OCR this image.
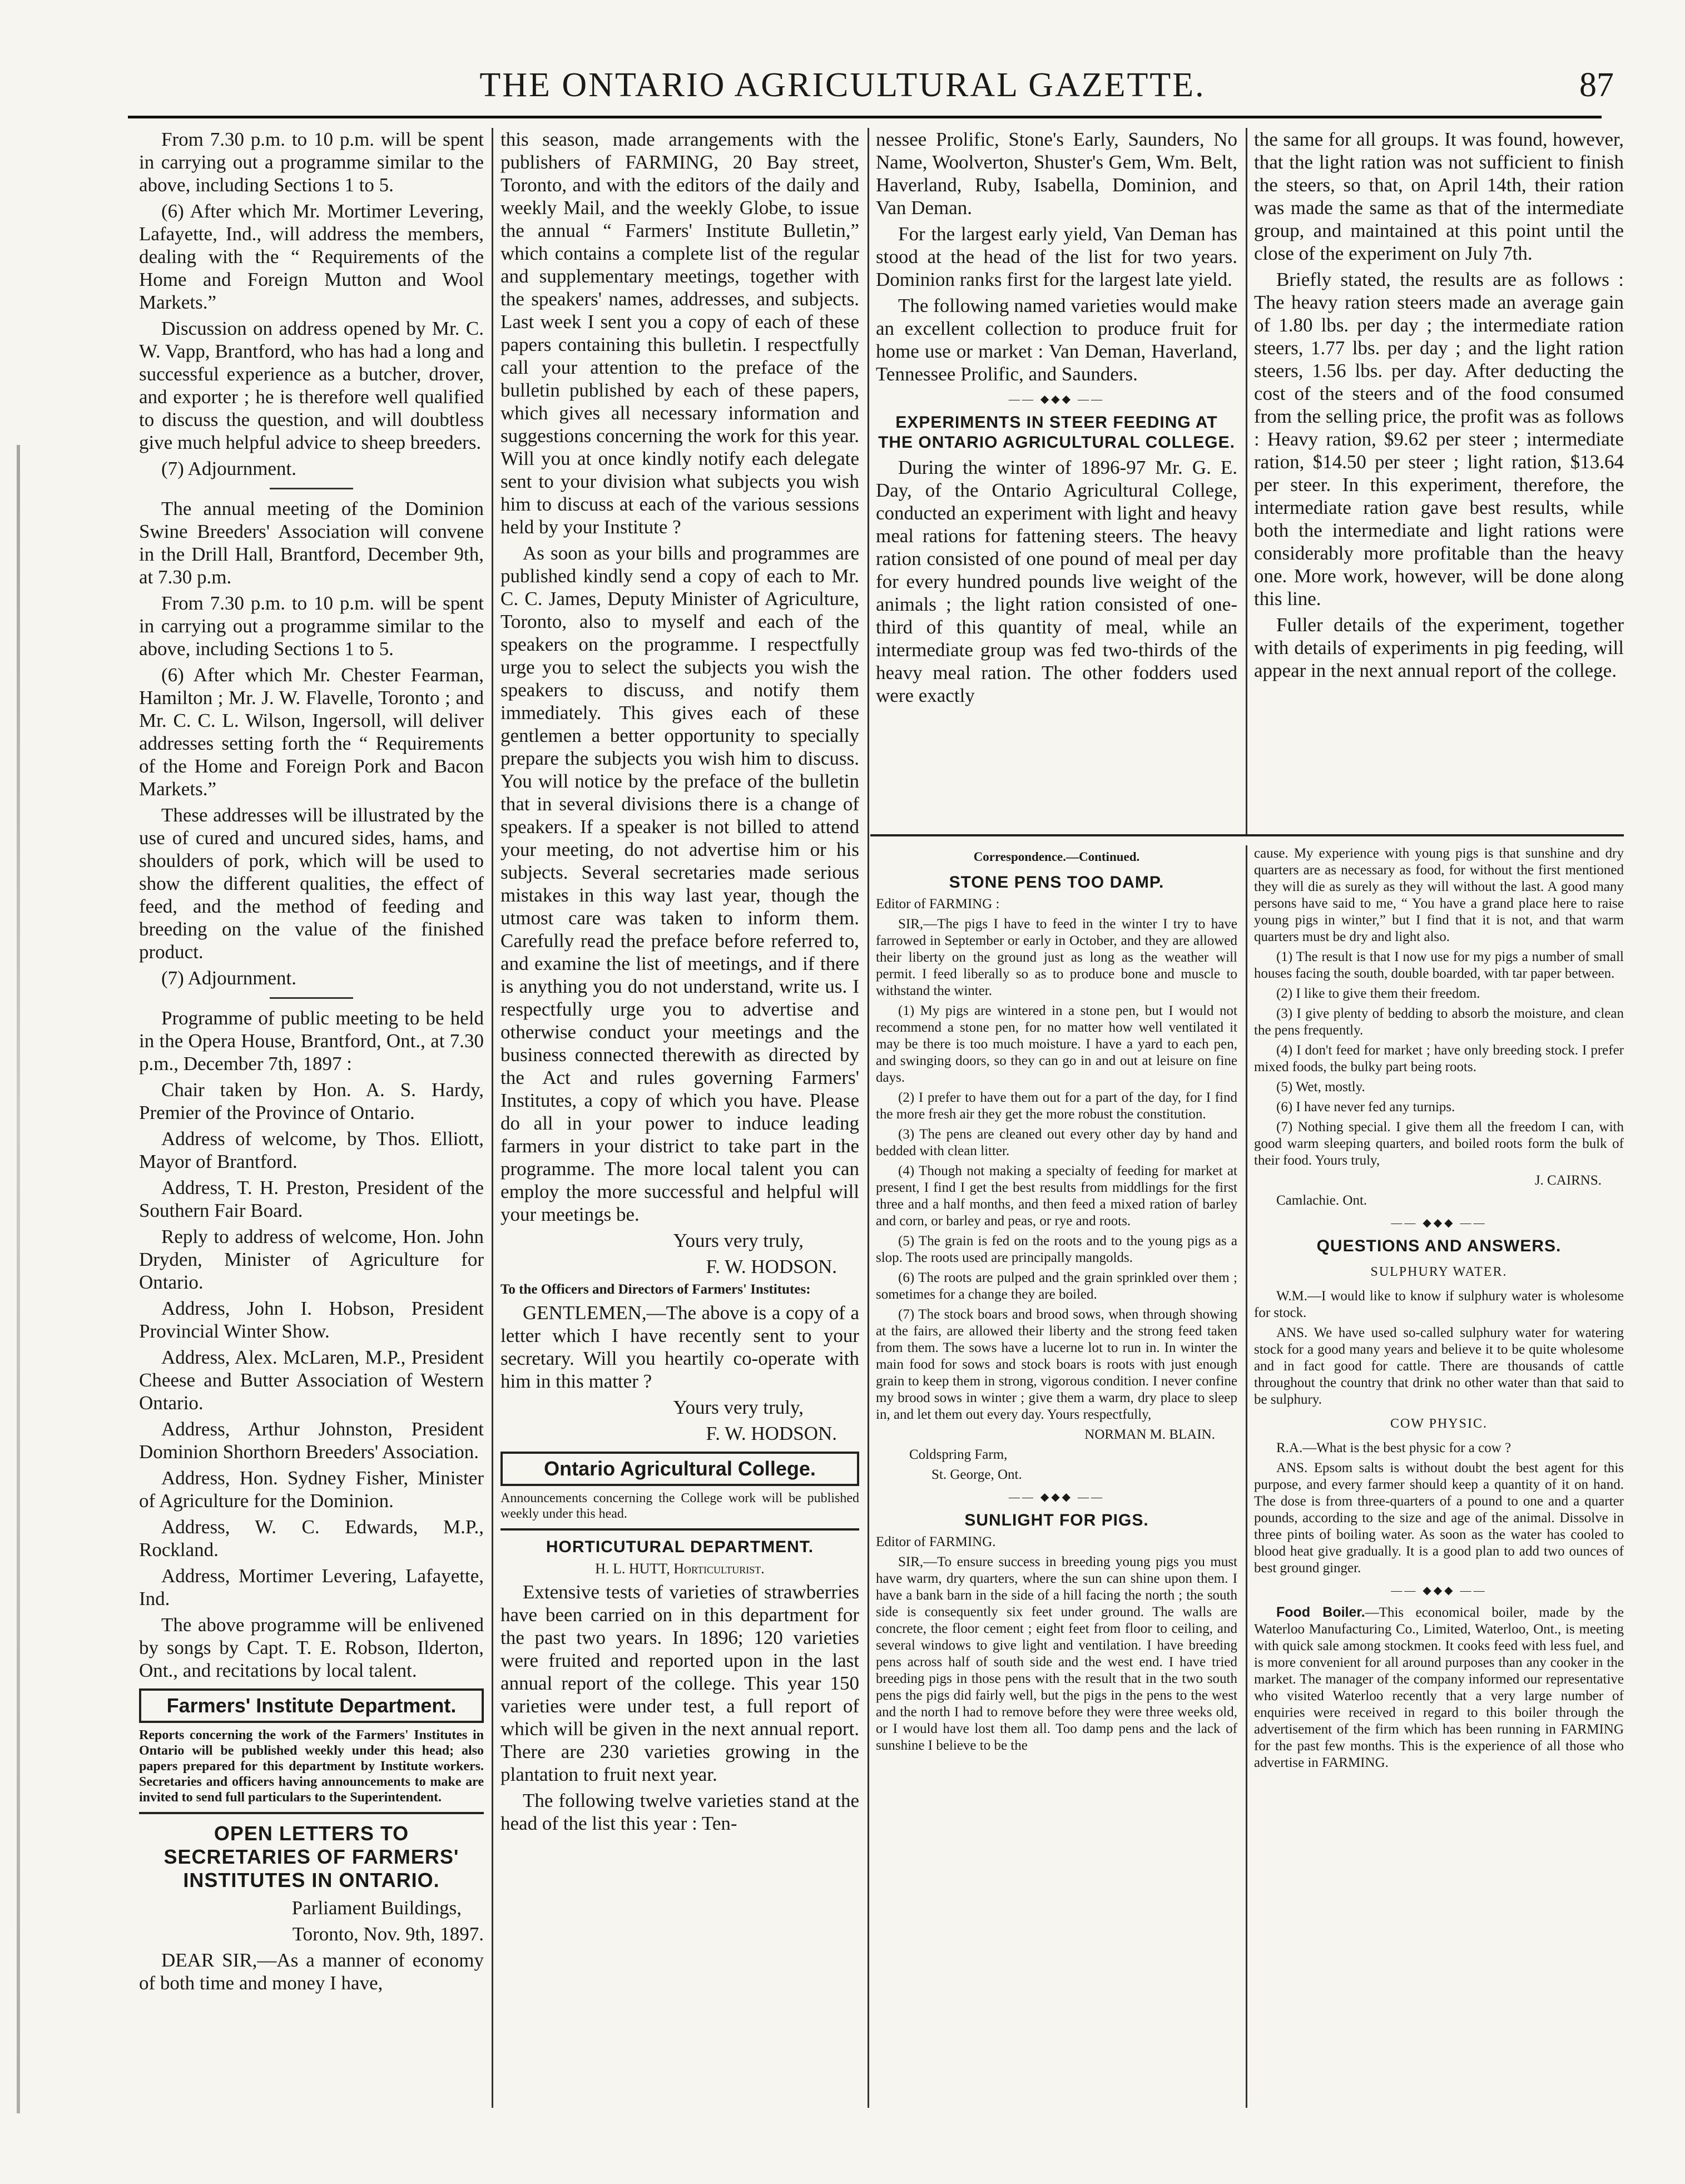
THE ONTARIO AGRICULTURAL GAZETTE.	87

From 7.30 p.m. to 10 p.m. will be spent in carrying out a programme similar to the above, including Sections 1 to 5.

(6) After which Mr. Mortimer Levering, Lafayette, Ind., will address the members, dealing with the “ Requirements of the Home and Foreign Mutton and Wool Markets.”

Discussion on address opened by Mr. C. W. Vapp, Brantford, who has had a long and successful experience as a butcher, drover, and exporter ; he is therefore well qualified to discuss the question, and will doubtless give much helpful advice to sheep breeders.

(7) Adjournment.

The annual meeting of the Dominion Swine Breeders' Association will convene in the Drill Hall, Brantford, December 9th, at 7.30 p.m.

From 7.30 p.m. to 10 p.m. will be spent in carrying out a programme similar to the above, including Sections 1 to 5.

(6) After which Mr. Chester Fearman, Hamilton ; Mr. J. W. Flavelle, Toronto ; and Mr. C. C. L. Wilson, Ingersoll, will deliver addresses setting forth the “ Requirements of the Home and Foreign Pork and Bacon Markets.”

These addresses will be illustrated by the use of cured and uncured sides, hams, and shoulders of pork, which will be used to show the different qualities, the effect of feed, and the method of feeding and breeding on the value of the finished product.

(7) Adjournment.

Programme of public meeting to be held in the Opera House, Brantford, Ont., at 7.30 p.m., December 7th, 1897 :

Chair taken by Hon. A. S. Hardy, Premier of the Province of Ontario.

Address of welcome, by Thos. Elliott, Mayor of Brantford.

Address, T. H. Preston, President of the Southern Fair Board.

Reply to address of welcome, Hon. John Dryden, Minister of Agriculture for Ontario.

Address, John I. Hobson, President Provincial Winter Show.

Address, Alex. McLaren, M.P., President Cheese and Butter Association of Western Ontario.

Address, Arthur Johnston, President Dominion Shorthorn Breeders' Association.

Address, Hon. Sydney Fisher, Minister of Agriculture for the Dominion.

Address, W. C. Edwards, M.P., Rockland.

Address, Mortimer Levering, Lafayette, Ind.

The above programme will be enlivened by songs by Capt. T. E. Robson, Ilderton, Ont., and recitations by local talent.

Farmers' Institute Department.

Reports concerning the work of the Farmers' Institutes in Ontario will be published weekly under this head; also papers prepared for this department by Institute workers. Secretaries and officers having announcements to make are invited to send full particulars to the Superintendent.

OPEN LETTERS TO SECRETARIES OF FARMERS' INSTITUTES IN ONTARIO.

Parliament Buildings,

Toronto, Nov. 9th, 1897.

DEAR SIR,—As a manner of economy of both time and money I have,

this season, made arrangements with the publishers of FARMING, 20 Bay street, Toronto, and with the editors of the daily and weekly Mail, and the weekly Globe, to issue the annual “ Farmers' Institute Bulletin,” which contains a complete list of the regular and supplementary meetings, together with the speakers' names, addresses, and subjects. Last week I sent you a copy of each of these papers containing this bulletin. I respectfully call your attention to the preface of the bulletin published by each of these papers, which gives all necessary information and suggestions concerning the work for this year. Will you at once kindly notify each delegate sent to your division what subjects you wish him to discuss at each of the various sessions held by your Institute ?

As soon as your bills and programmes are published kindly send a copy of each to Mr. C. C. James, Deputy Minister of Agriculture, Toronto, also to myself and each of the speakers on the programme. I respectfully urge you to select the subjects you wish the speakers to discuss, and notify them immediately. This gives each of these gentlemen a better opportunity to specially prepare the subjects you wish him to discuss. You will notice by the preface of the bulletin that in several divisions there is a change of speakers. If a speaker is not billed to attend your meeting, do not advertise him or his subjects. Several secretaries made serious mistakes in this way last year, though the utmost care was taken to inform them. Carefully read the preface before referred to, and examine the list of meetings, and if there is anything you do not understand, write us. I respectfully urge you to advertise and otherwise conduct your meetings and the business connected therewith as directed by the Act and rules governing Farmers' Institutes, a copy of which you have. Please do all in your power to induce leading farmers in your district to take part in the programme. The more local talent you can employ the more successful and helpful will your meetings be.

Yours very truly,

F. W. HODSON.

To the Officers and Directors of Farmers' Institutes:

GENTLEMEN,—The above is a copy of a letter which I have recently sent to your secretary. Will you heartily co-operate with him in this matter ?

Yours very truly,

F. W. HODSON.

Ontario Agricultural College.

Announcements concerning the College work will be published weekly under this head.

HORTICUTURAL DEPARTMENT.

H. L. HUTT, Horticulturist.

Extensive tests of varieties of strawberries have been carried on in this department for the past two years. In 1896; 120 varieties were fruited and reported upon in the last annual report of the college. This year 150 varieties were under test, a full report of which will be given in the next annual report. There are 230 varieties growing in the plantation to fruit next year.

The following twelve varieties stand at the head of the list this year : Ten-

nessee Prolific, Stone's Early, Saunders, No Name, Woolverton, Shuster's Gem, Wm. Belt, Haverland, Ruby, Isabella, Dominion, and Van Deman.

For the largest early yield, Van Deman has stood at the head of the list for two years. Dominion ranks first for the largest late yield.

The following named varieties would make an excellent collection to produce fruit for home use or market : Van Deman, Haverland, Tennessee Prolific, and Saunders.

—— ◆◆◆ ——
EXPERIMENTS IN STEER FEEDING AT THE ONTARIO AGRICULTURAL COLLEGE.

During the winter of 1896-97 Mr. G. E. Day, of the Ontario Agricultural College, conducted an experiment with light and heavy meal rations for fattening steers. The heavy ration consisted of one pound of meal per day for every hundred pounds live weight of the animals ; the light ration consisted of one-third of this quantity of meal, while an intermediate group was fed two-thirds of the heavy meal ration. The other fodders used were exactly

the same for all groups. It was found, however, that the light ration was not sufficient to finish the steers, so that, on April 14th, their ration was made the same as that of the intermediate group, and maintained at this point until the close of the experiment on July 7th.

Briefly stated, the results are as follows : The heavy ration steers made an average gain of 1.80 lbs. per day ; the intermediate ration steers, 1.77 lbs. per day ; and the light ration steers, 1.56 lbs. per day. After deducting the cost of the steers and of the food consumed from the selling price, the profit was as follows : Heavy ration, $9.62 per steer ; intermediate ration, $14.50 per steer ; light ration, $13.64 per steer. In this experiment, therefore, the intermediate ration gave best results, while both the intermediate and light rations were considerably more profitable than the heavy one. More work, however, will be done along this line.

Fuller details of the experiment, together with details of experiments in pig feeding, will appear in the next annual report of the college.

Correspondence.—Continued.

STONE PENS TOO DAMP.

Editor of FARMING :

SIR,—The pigs I have to feed in the winter I try to have farrowed in September or early in October, and they are allowed their liberty on the ground just as long as the weather will permit. I feed liberally so as to produce bone and muscle to withstand the winter.

(1) My pigs are wintered in a stone pen, but I would not recommend a stone pen, for no matter how well ventilated it may be there is too much moisture. I have a yard to each pen, and swinging doors, so they can go in and out at leisure on fine days.

(2) I prefer to have them out for a part of the day, for I find the more fresh air they get the more robust the constitution.

(3) The pens are cleaned out every other day by hand and bedded with clean litter.

(4) Though not making a specialty of feeding for market at present, I find I get the best results from middlings for the first three and a half months, and then feed a mixed ration of barley and corn, or barley and peas, or rye and roots.

(5) The grain is fed on the roots and to the young pigs as a slop. The roots used are principally mangolds.

(6) The roots are pulped and the grain sprinkled over them ; sometimes for a change they are boiled.

(7) The stock boars and brood sows, when through showing at the fairs, are allowed their liberty and the strong feed taken from them. The sows have a lucerne lot to run in. In winter the main food for sows and stock boars is roots with just enough grain to keep them in strong, vigorous condition. I never confine my brood sows in winter ; give them a warm, dry place to sleep in, and let them out every day. Yours respectfully,

NORMAN M. BLAIN.

Coldspring Farm,

St. George, Ont.

—— ◆◆◆ ——
SUNLIGHT FOR PIGS.

Editor of FARMING.

SIR,—To ensure success in breeding young pigs you must have warm, dry quarters, where the sun can shine upon them. I have a bank barn in the side of a hill facing the north ; the south side is consequently six feet under ground. The walls are concrete, the floor cement ; eight feet from floor to ceiling, and several windows to give light and ventilation. I have breeding pens across half of south side and the west end. I have tried breeding pigs in those pens with the result that in the two south pens the pigs did fairly well, but the pigs in the pens to the west and the north I had to remove before they were three weeks old, or I would have lost them all. Too damp pens and the lack of sunshine I believe to be the

cause. My experience with young pigs is that sunshine and dry quarters are as necessary as food, for without the first mentioned they will die as surely as they will without the last. A good many persons have said to me, “ You have a grand place here to raise young pigs in winter,” but I find that it is not, and that warm quarters must be dry and light also.

(1) The result is that I now use for my pigs a number of small houses facing the south, double boarded, with tar paper between.

(2) I like to give them their freedom.

(3) I give plenty of bedding to absorb the moisture, and clean the pens frequently.

(4) I don't feed for market ; have only breeding stock. I prefer mixed foods, the bulky part being roots.

(5) Wet, mostly.

(6) I have never fed any turnips.

(7) Nothing special. I give them all the freedom I can, with good warm sleeping quarters, and boiled roots form the bulk of their food. Yours truly,

J. CAIRNS.

Camlachie. Ont.

—— ◆◆◆ ——
QUESTIONS AND ANSWERS.

SULPHURY WATER.

W.M.—I would like to know if sulphury water is wholesome for stock.

ANS. We have used so-called sulphury water for watering stock for a good many years and believe it to be quite wholesome and in fact good for cattle. There are thousands of cattle throughout the country that drink no other water than that said to be sulphury.

COW PHYSIC.

R.A.—What is the best physic for a cow ?

ANS. Epsom salts is without doubt the best agent for this purpose, and every farmer should keep a quantity of it on hand. The dose is from three-quarters of a pound to one and a quarter pounds, according to the size and age of the animal. Dissolve in three pints of boiling water. As soon as the water has cooled to blood heat give gradually. It is a good plan to add two ounces of best ground ginger.

—— ◆◆◆ ——

Food Boiler.—This economical boiler, made by the Waterloo Manufacturing Co., Limited, Waterloo, Ont., is meeting with quick sale among stockmen. It cooks feed with less fuel, and is more convenient for all around purposes than any cooker in the market. The manager of the company informed our representative who visited Waterloo recently that a very large number of enquiries were received in regard to this boiler through the advertisement of the firm which has been running in FARMING for the past few months. This is the experience of all those who advertise in FARMING.
